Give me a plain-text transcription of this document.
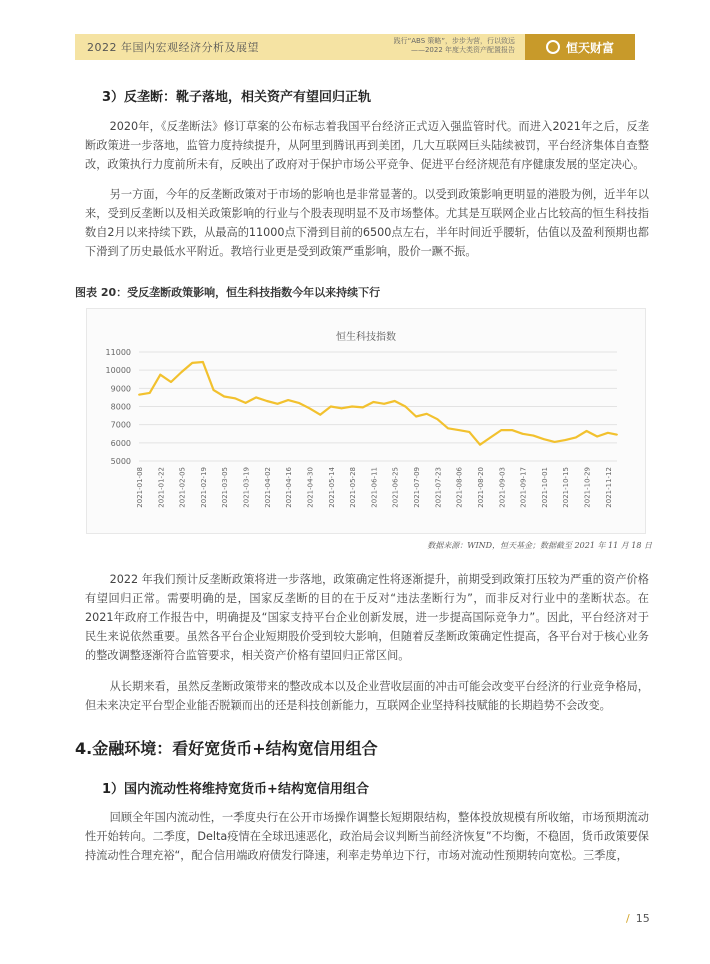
2022 年国内宏观经济分析及展望	践行“ABS 策略”，步步为营，行以致远
——2022 年度大类资产配置报告	恒天财富
3）反垄断：靴子落地，相关资产有望回归正轨
2020年，《反垄断法》修订草案的公布标志着我国平台经济正式迈入强监管时代。而进入2021年之后，反垄断政策进一步落地，监管力度持续提升，从阿里到腾讯再到美团，几大互联网巨头陆续被罚，平台经济集体自查整改，政策执行力度前所未有，反映出了政府对于保护市场公平竞争、促进平台经济规范有序健康发展的坚定决心。
另一方面，今年的反垄断政策对于市场的影响也是非常显著的。以受到政策影响更明显的港股为例，近半年以来，受到反垄断以及相关政策影响的行业与个股表现明显不及市场整体。尤其是互联网企业占比较高的恒生科技指数自2月以来持续下跌，从最高的11000点下滑到目前的6500点左右，半年时间近乎腰斩，估值以及盈利预期也都下滑到了历史最低水平附近。教培行业更是受到政策严重影响，股价一蹶不振。
图表 20：受反垄断政策影响，恒生科技指数今年以来持续下行
恒生科技指数
5000
6000
7000
8000
9000
10000
11000
2021-01-08 2021-01-22 2021-02-05 2021-02-19 2021-03-05 2021-03-19 2021-04-02 2021-04-16 2021-04-30 2021-05-14 2021-05-28 2021-06-11 2021-06-25 2021-07-09 2021-07-23 2021-08-06 2021-08-20 2021-09-03 2021-09-17 2021-10-01 2021-10-15 2021-10-29 2021-11-12
数据来源：WIND，恒天基金；数据截至 2021 年 11 月 18 日
2022 年我们预计反垄断政策将进一步落地，政策确定性将逐渐提升，前期受到政策打压较为严重的资产价格有望回归正常。需要明确的是，国家反垄断的目的在于反对“违法垄断行为”，而非反对行业中的垄断状态。在2021年政府工作报告中，明确提及“国家支持平台企业创新发展，进一步提高国际竞争力”。因此，平台经济对于民生来说依然重要。虽然各平台企业短期股价受到较大影响，但随着反垄断政策确定性提高，各平台对于核心业务的整改调整逐渐符合监管要求，相关资产价格有望回归正常区间。
从长期来看，虽然反垄断政策带来的整改成本以及企业营收层面的冲击可能会改变平台经济的行业竞争格局，但未来决定平台型企业能否脱颖而出的还是科技创新能力，互联网企业坚持科技赋能的长期趋势不会改变。
4.金融环境：看好宽货币+结构宽信用组合
1）国内流动性将维持宽货币+结构宽信用组合
回顾全年国内流动性，一季度央行在公开市场操作调整长短期限结构，整体投放规模有所收缩，市场预期流动性开始转向。二季度，Delta疫情在全球迅速恶化，政治局会议判断当前经济恢复”不均衡，不稳固，货币政策要保持流动性合理充裕“，配合信用端政府债发行降速，利率走势单边下行，市场对流动性预期转向宽松。三季度，
/ 15
